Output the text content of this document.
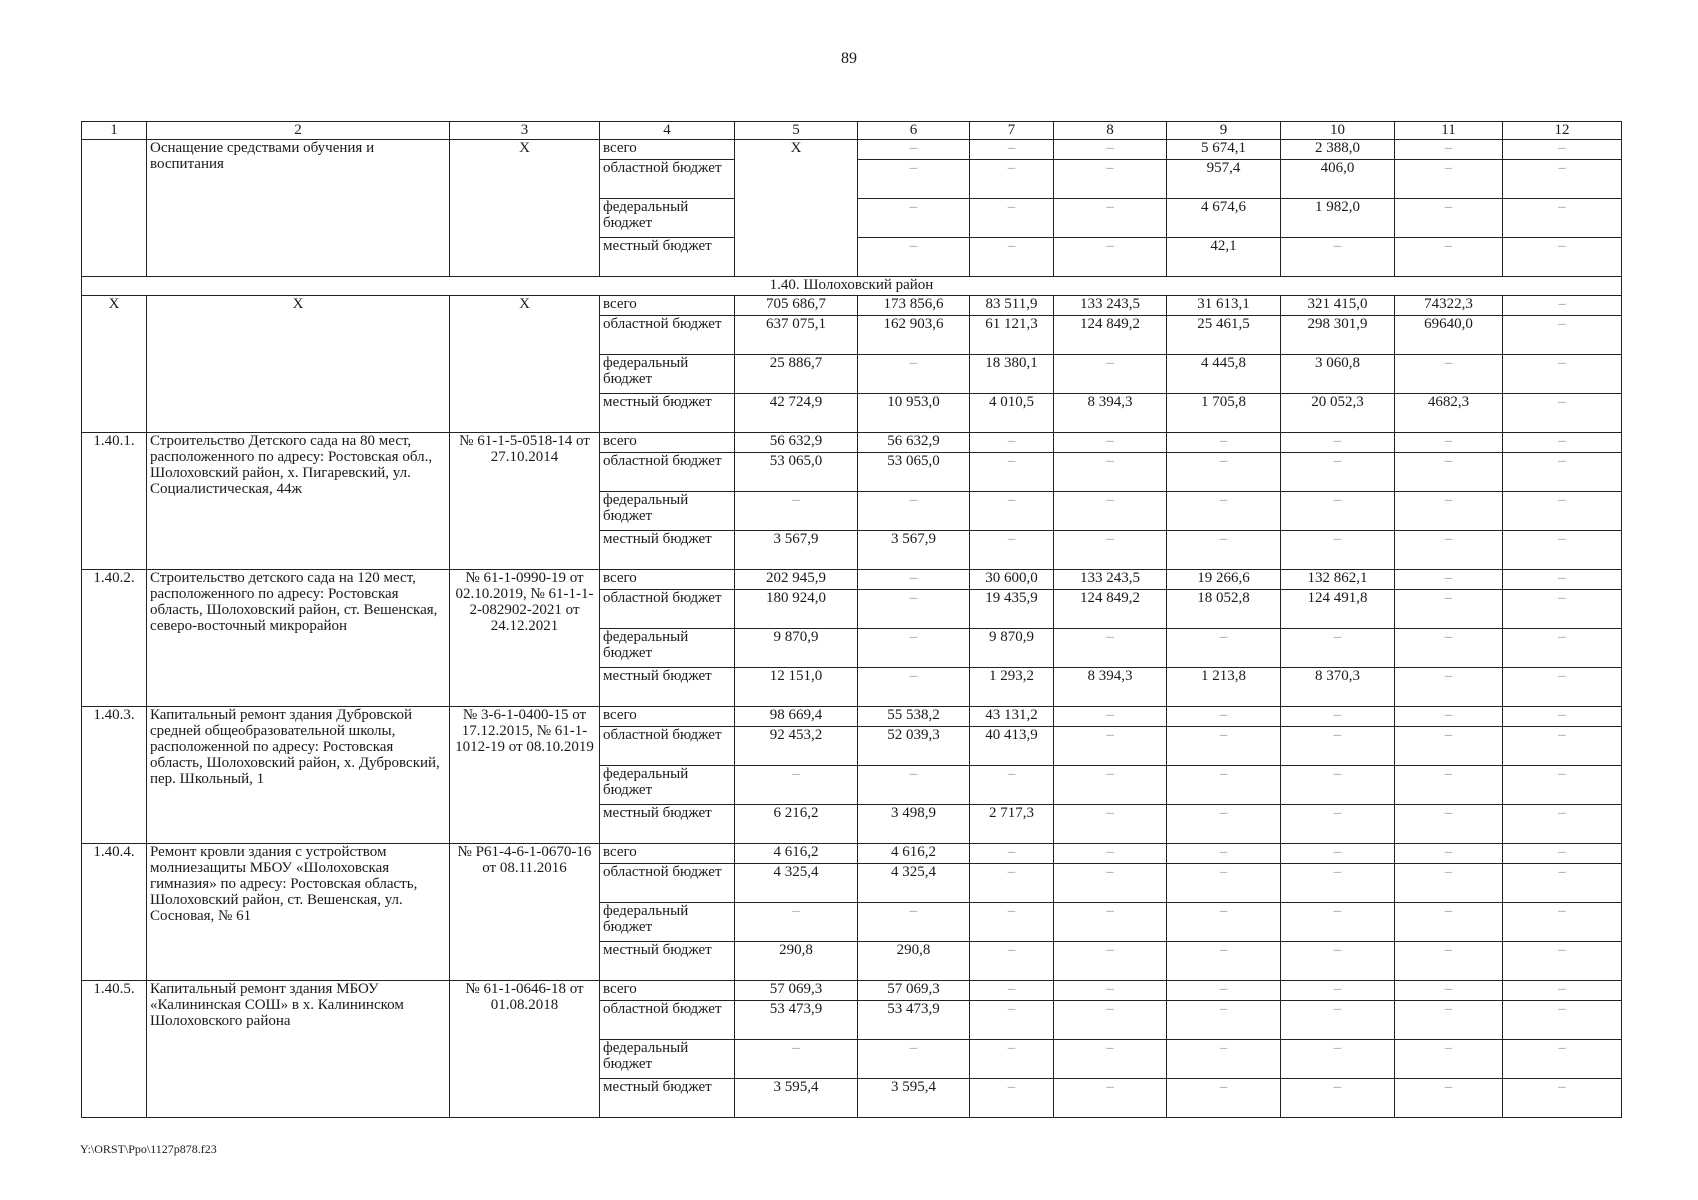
89
1	2	3	4	5	6	7	8	9	10	11	12
	Оснащение средствами обучения и воспитания	X	всего	X	–	–	–	5 674,1	2 388,0	–	–
			областной бюджет		–	–	–	957,4	406,0	–	–
			федеральный бюджет		–	–	–	4 674,6	1 982,0	–	–
			местный бюджет		–	–	–	42,1	–	–	–
1.40. Шолоховский район											
X	X	X	всего	705 686,7	173 856,6	83 511,9	133 243,5	31 613,1	321 415,0	74322,3	–
			областной бюджет	637 075,1	162 903,6	61 121,3	124 849,2	25 461,5	298 301,9	69640,0	–
			федеральный бюджет	25 886,7	–	18 380,1	–	4 445,8	3 060,8	–	–
			местный бюджет	42 724,9	10 953,0	4 010,5	8 394,3	1 705,8	20 052,3	4682,3	–
1.40.1.	Строительство Детского сада на 80 мест, расположенного по адресу: Ростовская обл., Шолоховский район, х. Пигаревский, ул. Социалистическая, 44ж	№ 61-1-5-0518-14 от 27.10.2014	всего	56 632,9	56 632,9	–	–	–	–	–	–
			областной бюджет	53 065,0	53 065,0	–	–	–	–	–	–
			федеральный бюджет	–	–	–	–	–	–	–	–
			местный бюджет	3 567,9	3 567,9	–	–	–	–	–	–
1.40.2.	Строительство детского сада на 120 мест, расположенного по адресу: Ростовская область, Шолоховский район, ст. Вешенская, северо-восточный микрорайон	№ 61-1-0990-19 от 02.10.2019, № 61-1-1-2-082902-2021 от 24.12.2021	всего	202 945,9	–	30 600,0	133 243,5	19 266,6	132 862,1	–	–
			областной бюджет	180 924,0	–	19 435,9	124 849,2	18 052,8	124 491,8	–	–
			федеральный бюджет	9 870,9	–	9 870,9	–	–	–	–	–
			местный бюджет	12 151,0	–	1 293,2	8 394,3	1 213,8	8 370,3	–	–
1.40.3.	Капитальный ремонт здания Дубровской средней общеобразовательной школы, расположенной по адресу: Ростовская область, Шолоховский район, х. Дубровский, пер. Школьный, 1	№ 3-6-1-0400-15 от 17.12.2015, № 61-1-1012-19 от 08.10.2019	всего	98 669,4	55 538,2	43 131,2	–	–	–	–	–
			областной бюджет	92 453,2	52 039,3	40 413,9	–	–	–	–	–
			федеральный бюджет	–	–	–	–	–	–	–	–
			местный бюджет	6 216,2	3 498,9	2 717,3	–	–	–	–	–
1.40.4.	Ремонт кровли здания с устройством молниезащиты МБОУ «Шолоховская гимназия» по адресу: Ростовская область, Шолоховский район, ст. Вешенская, ул. Сосновая, № 61	№ Р61-4-6-1-0670-16 от 08.11.2016	всего	4 616,2	4 616,2	–	–	–	–	–	–
			областной бюджет	4 325,4	4 325,4	–	–	–	–	–	–
			федеральный бюджет	–	–	–	–	–	–	–	–
			местный бюджет	290,8	290,8	–	–	–	–	–	–
1.40.5.	Капитальный ремонт здания МБОУ «Калининская СОШ» в х. Калининском Шолоховского района	№ 61-1-0646-18 от 01.08.2018	всего	57 069,3	57 069,3	–	–	–	–	–	–
			областной бюджет	53 473,9	53 473,9	–	–	–	–	–	–
			федеральный бюджет	–	–	–	–	–	–	–	–
			местный бюджет	3 595,4	3 595,4	–	–	–	–	–	–
Y:\ORST\Ppo\1127p878.f23
